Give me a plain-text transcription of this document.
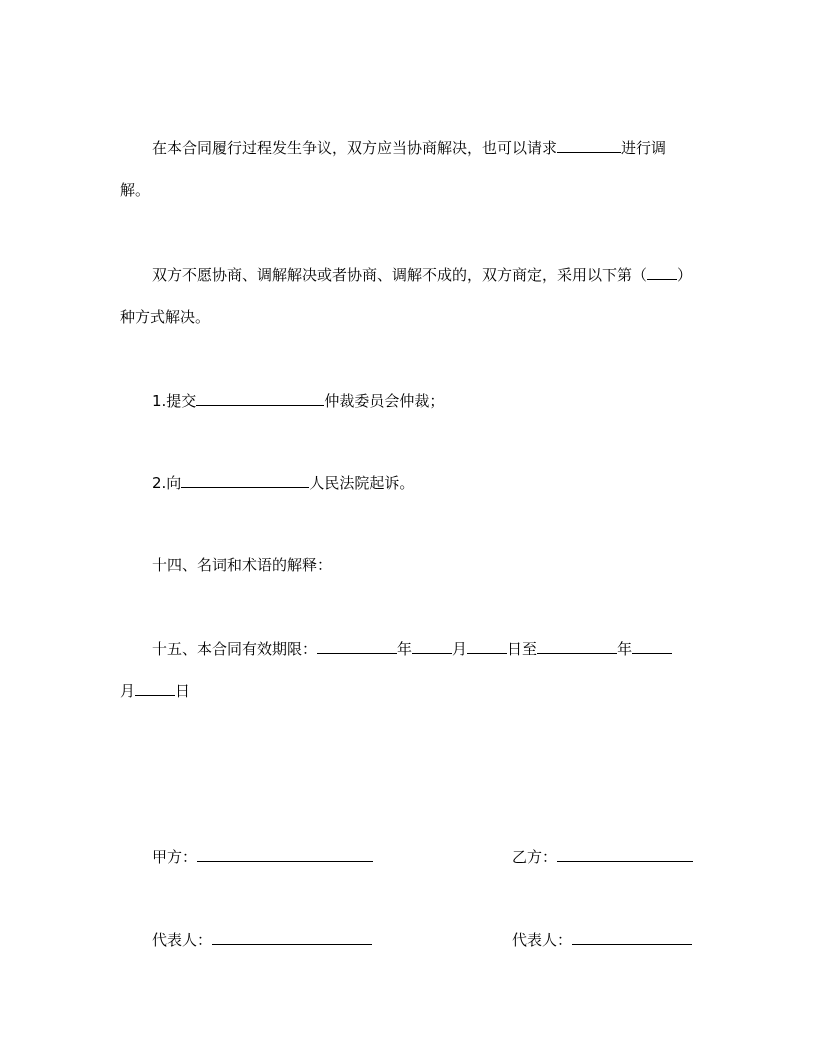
在本合同履行过程发生争议，双方应当协商解决，也可以请求	进行调
解。
双方不愿协商、调解解决或者协商、调解不成的，双方商定，采用以下第（ ）
种方式解决。
1.提交	仲裁委员会仲裁；
2.向	人民法院起诉。
十四、名词和术语的解释：
十五、本合同有效期限：	年	月	日至	年
月	日
甲方：	乙方：
代表人：	代表人：
